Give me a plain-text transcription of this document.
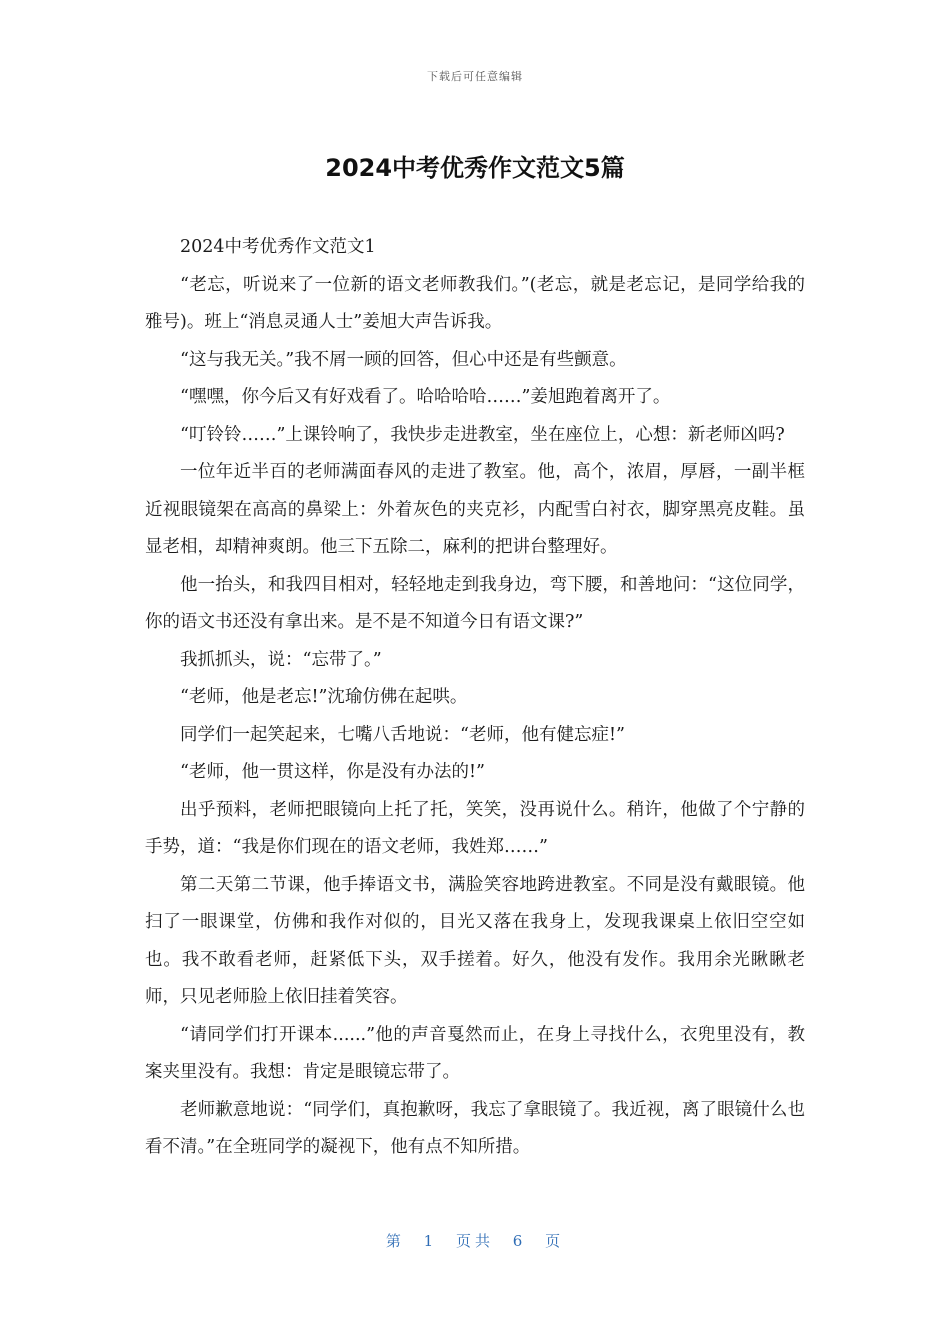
下载后可任意编辑
2024中考优秀作文范文5篇

2024中考优秀作文范文1

“老忘，听说来了一位新的语文老师教我们。”(老忘，就是老忘记，是同学给我的雅号)。班上“消息灵通人士”姜旭大声告诉我。

“这与我无关。”我不屑一顾的回答，但心中还是有些颤意。

“嘿嘿，你今后又有好戏看了。哈哈哈哈……”姜旭跑着离开了。

“叮铃铃……”上课铃响了，我快步走进教室，坐在座位上，心想：新老师凶吗?

一位年近半百的老师满面春风的走进了教室。他，高个，浓眉，厚唇，一副半框近视眼镜架在高高的鼻梁上：外着灰色的夹克衫，内配雪白衬衣，脚穿黑亮皮鞋。虽显老相，却精神爽朗。他三下五除二，麻利的把讲台整理好。

他一抬头，和我四目相对，轻轻地走到我身边，弯下腰，和善地问：“这位同学，你的语文书还没有拿出来。是不是不知道今日有语文课?”

我抓抓头，说：“忘带了。”

“老师，他是老忘!”沈瑜仿佛在起哄。

同学们一起笑起来，七嘴八舌地说：“老师，他有健忘症!”

“老师，他一贯这样，你是没有办法的!”

出乎预料，老师把眼镜向上托了托，笑笑，没再说什么。稍许，他做了个宁静的手势，道：“我是你们现在的语文老师，我姓郑……”

第二天第二节课，他手捧语文书，满脸笑容地跨进教室。不同是没有戴眼镜。他扫了一眼课堂，仿佛和我作对似的，目光又落在我身上，发现我课桌上依旧空空如也。我不敢看老师，赶紧低下头，双手搓着。好久，他没有发作。我用余光瞅瞅老师，只见老师脸上依旧挂着笑容。

“请同学们打开课本......”他的声音戛然而止，在身上寻找什么，衣兜里没有，教案夹里没有。我想：肯定是眼镜忘带了。

老师歉意地说：“同学们，真抱歉呀，我忘了拿眼镜了。我近视，离了眼镜什么也看不清。”在全班同学的凝视下，他有点不知所措。

第 1 页共 6 页
